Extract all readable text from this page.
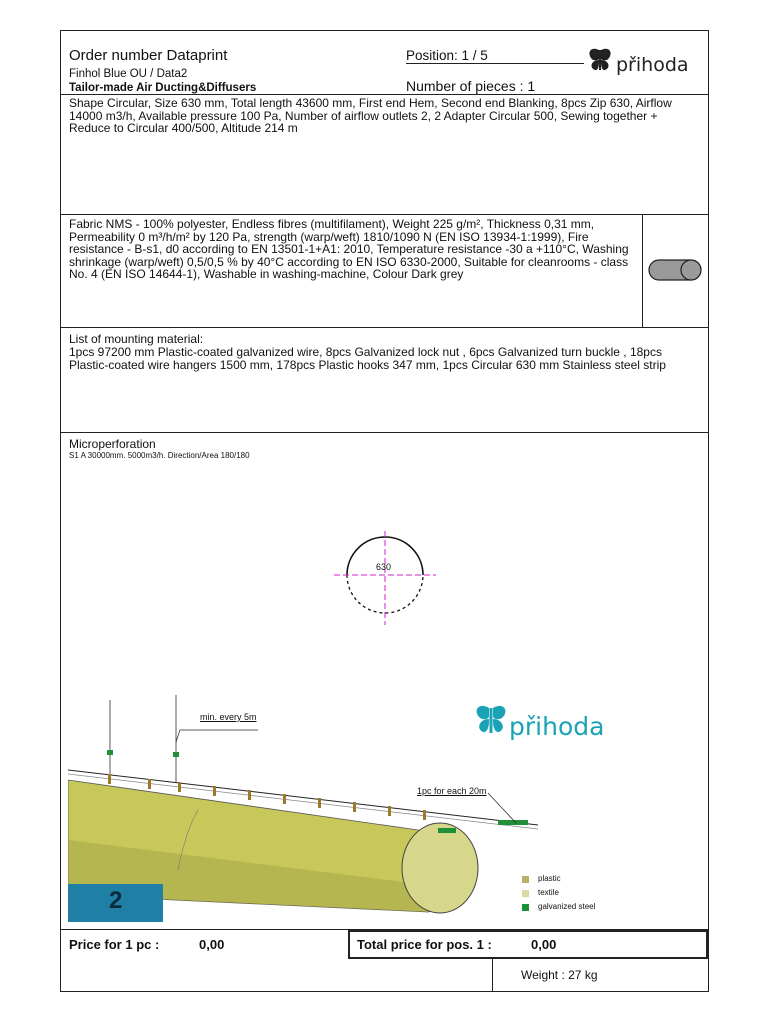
Order number Dataprint	Position: 1 / 5
Finhol Blue OU / Data2
Tailor-made Air Ducting&Diffusers	Number of pieces : 1
přihoda
Shape Circular, Size 630 mm, Total length 43600 mm, First end Hem, Second end Blanking, 8pcs Zip 630, Airflow 14000 m3/h, Available pressure 100 Pa, Number of airflow outlets 2, 2 Adapter Circular 500, Sewing together + Reduce to Circular 400/500, Altitude 214 m
Fabric NMS - 100% polyester, Endless fibres (multifilament), Weight 225 g/m², Thickness 0,31 mm, Permeability 0 m³/h/m² by 120 Pa, strength (warp/weft) 1810/1090 N (EN ISO 13934-1:1999), Fire resistance - B-s1, d0 according to EN 13501-1+A1: 2010, Temperature resistance -30 a +110°C, Washing shrinkage (warp/weft) 0,5/0,5 % by 40°C according to EN ISO 6330-2000, Suitable for cleanrooms - class No. 4 (EN ISO 14644-1), Washable in washing-machine, Colour Dark grey
List of mounting material:
1pcs 97200 mm Plastic-coated galvanized wire, 8pcs Galvanized lock nut , 6pcs Galvanized turn buckle , 18pcs Plastic-coated wire hangers 1500 mm, 178pcs Plastic hooks 347 mm, 1pcs Circular 630 mm Stainless steel strip
Microperforation
S1 A 30000mm. 5000m3/h. Direction/Area 180/180
630
min. every 5m
1pc for each 20m
přihoda
2
plastic
textile
galvanized steel
Price for 1 pc :	0,00	Total price for pos. 1 :	0,00
Weight : 27 kg
